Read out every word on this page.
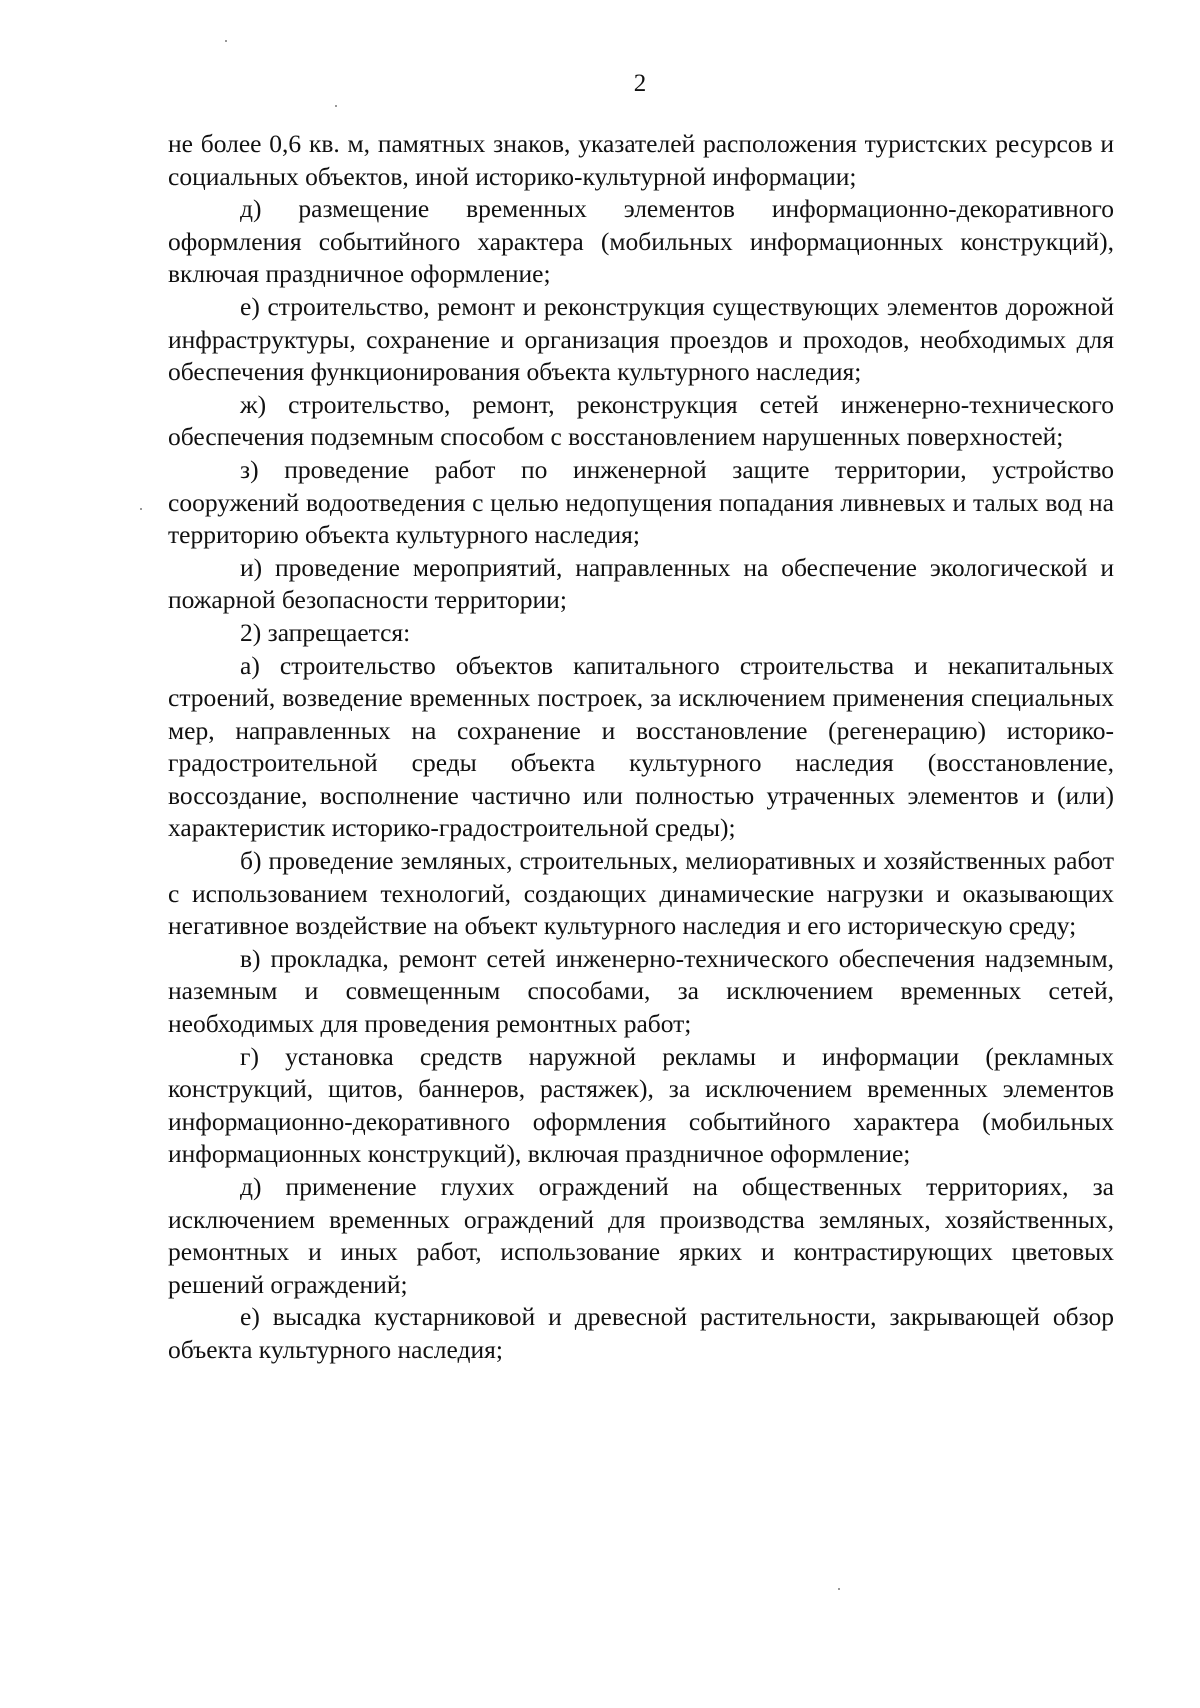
2

не более 0,6 кв. м, памятных знаков, указателей расположения туристских ресурсов и социальных объектов, иной историко-культурной информации;

д) размещение временных элементов информационно-декоративного оформления событийного характера (мобильных информационных конструкций), включая праздничное оформление;

е) строительство, ремонт и реконструкция существующих элементов дорожной инфраструктуры, сохранение и организация проездов и проходов, необходимых для обеспечения функционирования объекта культурного наследия;

ж) строительство, ремонт, реконструкция сетей инженерно-технического обеспечения подземным способом с восстановлением нарушенных поверхностей;

з) проведение работ по инженерной защите территории, устройство сооружений водоотведения с целью недопущения попадания ливневых и талых вод на территорию объекта культурного наследия;

и) проведение мероприятий, направленных на обеспечение экологической и пожарной безопасности территории;

2) запрещается:

а) строительство объектов капитального строительства и некапитальных строений, возведение временных построек, за исключением применения специальных мер, направленных на сохранение и восстановление (регенерацию) историко-градостроительной среды объекта культурного наследия (восстановление, воссоздание, восполнение частично или полностью утраченных элементов и (или) характеристик историко-градостроительной среды);

б) проведение земляных, строительных, мелиоративных и хозяйственных работ с использованием технологий, создающих динамические нагрузки и оказывающих негативное воздействие на объект культурного наследия и его историческую среду;

в) прокладка, ремонт сетей инженерно-технического обеспечения надземным, наземным и совмещенным способами, за исключением временных сетей, необходимых для проведения ремонтных работ;

г) установка средств наружной рекламы и информации (рекламных конструкций, щитов, баннеров, растяжек), за исключением временных элементов информационно-декоративного оформления событийного характера (мобильных информационных конструкций), включая праздничное оформление;

д) применение глухих ограждений на общественных территориях, за исключением временных ограждений для производства земляных, хозяйственных, ремонтных и иных работ, использование ярких и контрастирующих цветовых решений ограждений;

е) высадка кустарниковой и древесной растительности, закрывающей обзор объекта культурного наследия;
